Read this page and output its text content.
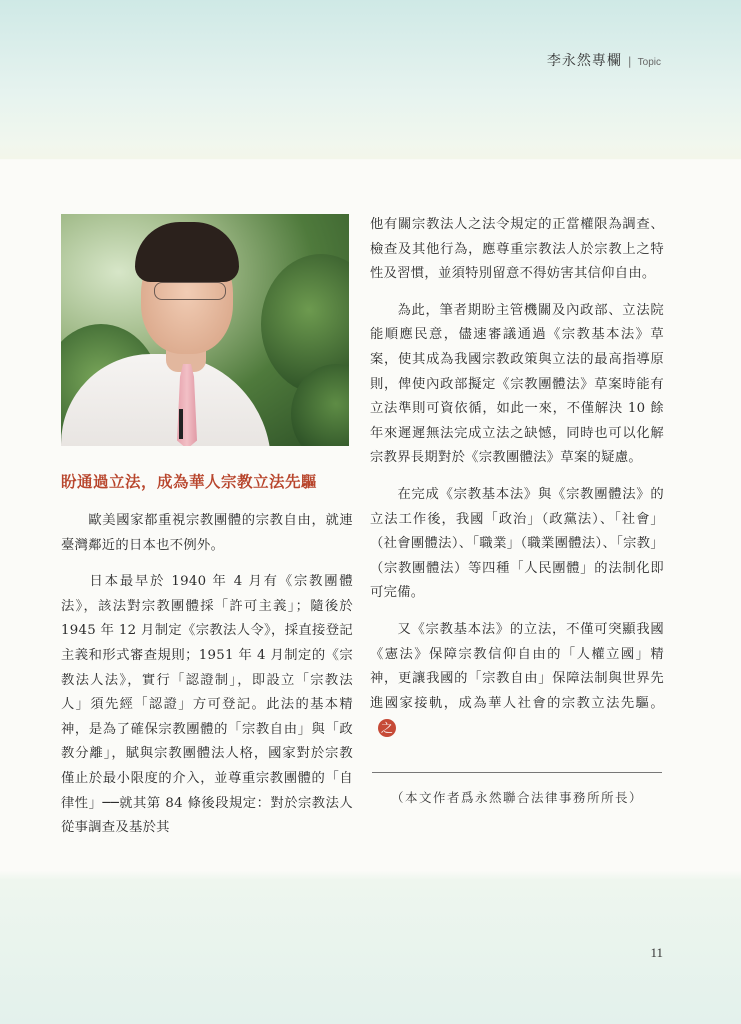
李永然專欄 | Topic
盼通過立法，成為華人宗教立法先驅

歐美國家都重視宗教團體的宗教自由，就連臺灣鄰近的日本也不例外。

日本最早於 1940 年 4 月有《宗教團體法》，該法對宗教團體採「許可主義」；隨後於 1945 年 12 月制定《宗教法人令》，採直接登記主義和形式審查規則；1951 年 4 月制定的《宗教法人法》，實行「認證制」，即設立「宗教法人」須先經「認證」方可登記。此法的基本精神，是為了確保宗教團體的「宗教自由」與「政教分離」，賦與宗教團體法人格，國家對於宗教僅止於最小限度的介入，並尊重宗教團體的「自律性」──就其第 84 條後段規定：對於宗教法人從事調查及基於其

他有關宗教法人之法令規定的正當權限為調查、檢查及其他行為，應尊重宗教法人於宗教上之特性及習慣，並須特別留意不得妨害其信仰自由。

為此，筆者期盼主管機關及內政部、立法院能順應民意，儘速審議通過《宗教基本法》草案，使其成為我國宗教政策與立法的最高指導原則，俾使內政部擬定《宗教團體法》草案時能有立法準則可資依循，如此一來，不僅解決 10 餘年來遲遲無法完成立法之缺憾，同時也可以化解宗教界長期對於《宗教團體法》草案的疑慮。

在完成《宗教基本法》與《宗教團體法》的立法工作後，我國「政治」（政黨法）、「社會」（社會團體法）、「職業」（職業團體法）、「宗教」（宗教團體法）等四種「人民團體」的法制化即可完備。

又《宗教基本法》的立法，不僅可突顯我國《憲法》保障宗教信仰自由的「人權立國」精神，更讓我國的「宗教自由」保障法制與世界先進國家接軌，成為華人社會的宗教立法先驅。之

（本文作者爲永然聯合法律事務所所長）
11
